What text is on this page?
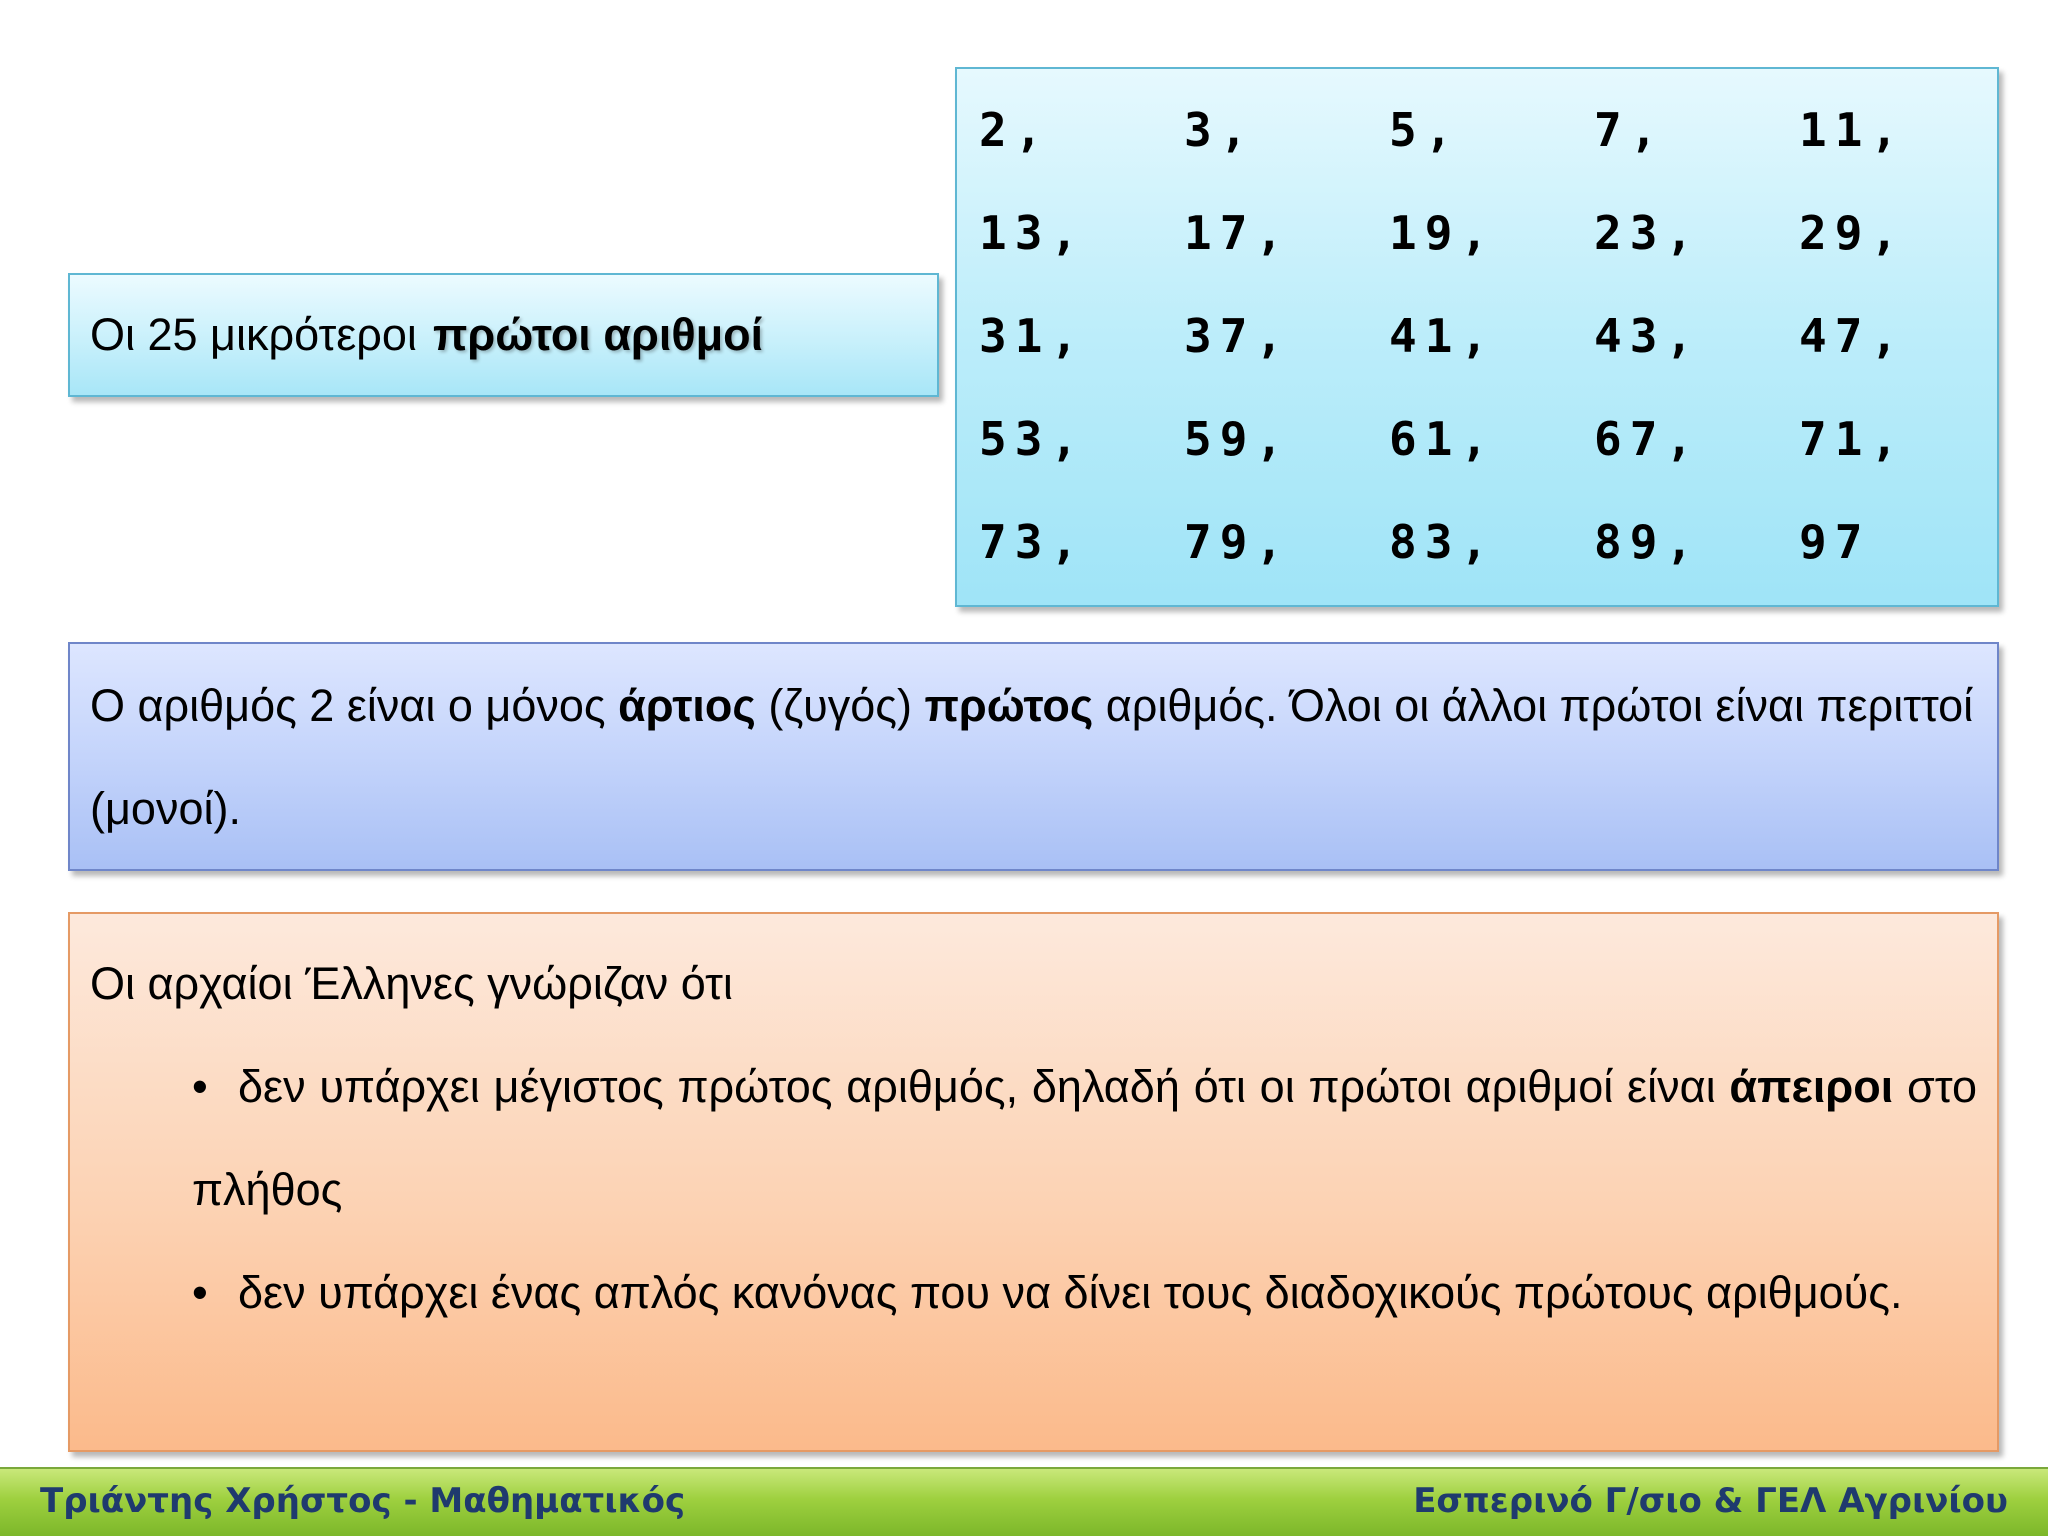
Οι 25 μικρότεροι πρώτοι αριθμοί
2,	3,	5,	7,	11,
13,	17,	19,	23,	29,
31,	37,	41,	43,	47,
53,	59,	61,	67,	71,
73,	79,	83,	89,	97

Ο αριθμός 2 είναι ο μόνος άρτιος (ζυγός) πρώτος αριθμός. Όλοι οι άλλοι πρώτοι είναι περιττοί (μονοί).

Οι αρχαίοι Έλληνες γνώριζαν ότι

• δεν υπάρχει μέγιστος πρώτος αριθμός, δηλαδή ότι οι πρώτοι αριθμοί είναι άπειροι στο πλήθος
• δεν υπάρχει ένας απλός κανόνας που να δίνει τους διαδοχικούς πρώτους αριθμούς.
Τριάντης Χρήστος - Μαθηματικός	Εσπερινό Γ/σιο & ΓΕΛ Αγρινίου
